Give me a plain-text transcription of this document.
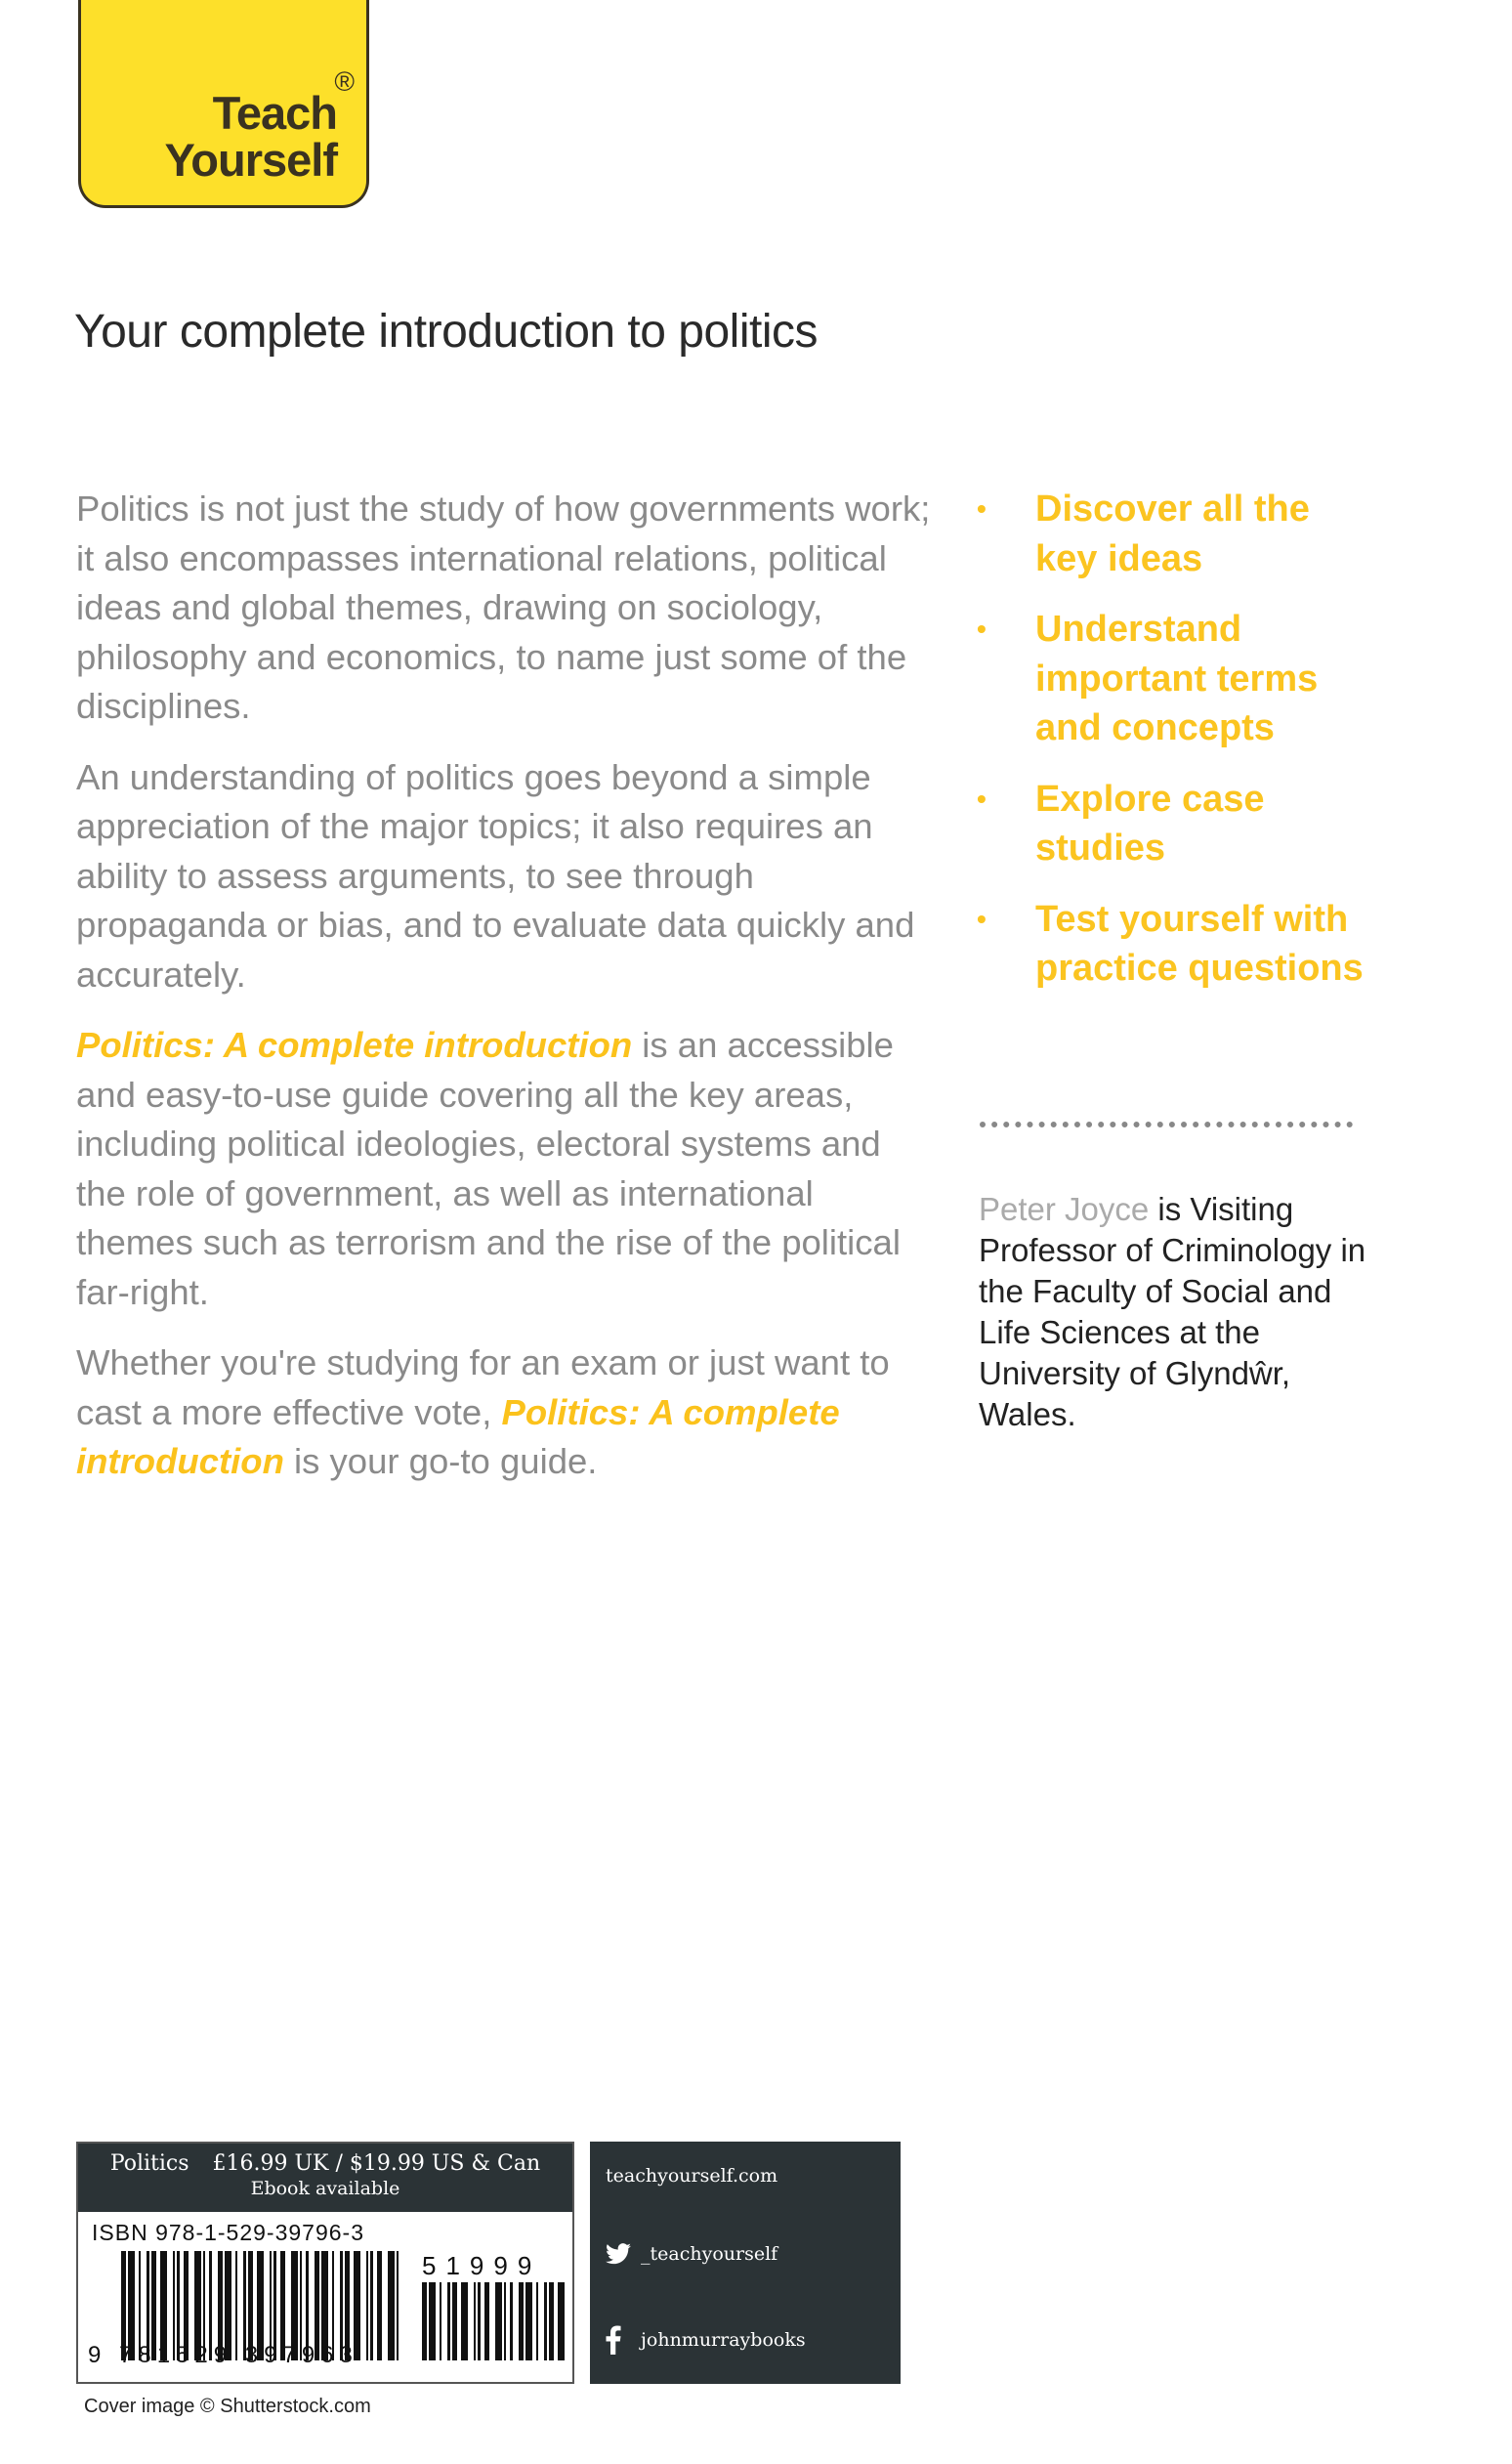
®
Teach
Yourself
Your complete introduction to politics

Politics is not just the study of how governments work; it also encompasses international relations, political ideas and global themes, drawing on sociology, philosophy and economics, to name just some of the disciplines.

An understanding of politics goes beyond a simple appreciation of the major topics; it also requires an ability to assess arguments, to see through propaganda or bias, and to evaluate data quickly and accurately.

Politics: A complete introduction is an accessible and easy-to-use guide covering all the key areas, including political ideologies, electoral systems and the role of government, as well as international themes such as terrorism and the rise of the political far-right.

Whether you're studying for an exam or just want to cast a more effective vote, Politics: A complete introduction is your go-to guide.

• Discover all the key ideas
• Understand important terms and concepts
• Explore case studies
• Test yourself with practice questions
Peter Joyce is Visiting Professor of Criminology in the Faculty of Social and Life Sciences at the University of Glyndŵr, Wales.
Politics £16.99 UK / $19.99 US & Can
Ebook available
ISBN 978-1-529-39796-3
51999
9 781529 397963
teachyourself.com
_teachyourself
johnmurraybooks
Cover image © Shutterstock.com
